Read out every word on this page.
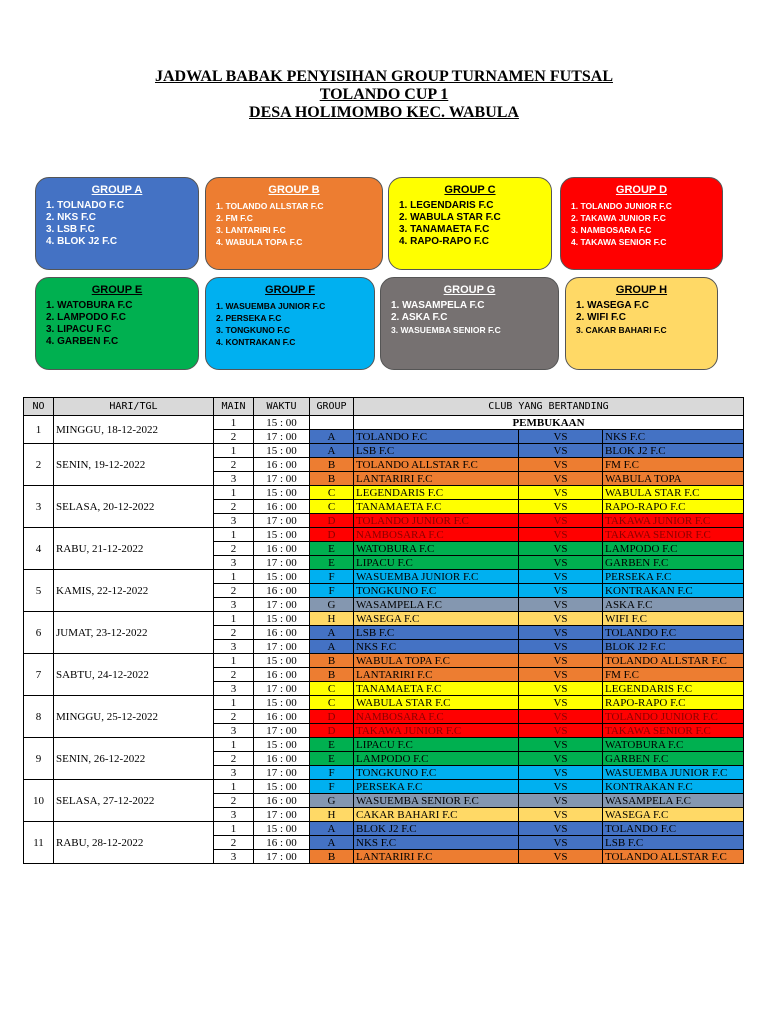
JADWAL BABAK PENYISIHAN GROUP TURNAMEN FUTSAL
TOLANDO CUP 1
DESA HOLIMOMBO KEC. WABULA
GROUP A
1. TOLNADO F.C
2. NKS F.C
3. LSB F.C
4. BLOK J2 F.C
GROUP B
1. TOLANDO ALLSTAR F.C
2. FM F.C
3. LANTARIRI F.C
4. WABULA TOPA F.C
GROUP C
1. LEGENDARIS F.C
2. WABULA STAR F.C
3. TANAMAETA F.C
4. RAPO-RAPO F.C
GROUP D
1. TOLANDO JUNIOR F.C
2. TAKAWA JUNIOR F.C
3. NAMBOSARA F.C
4. TAKAWA SENIOR F.C
GROUP E
1. WATOBURA F.C
2. LAMPODO F.C
3. LIPACU F.C
4. GARBEN F.C
GROUP F
1. WASUEMBA JUNIOR F.C
2. PERSEKA F.C
3. TONGKUNO F.C
4. KONTRAKAN F.C
GROUP G
1. WASAMPELA F.C
2. ASKA F.C
3. WASUEMBA SENIOR F.C
GROUP H
1. WASEGA F.C
2. WIFI F.C
3. CAKAR BAHARI F.C
NO	HARI/TGL	MAIN	WAKTU	GROUP	CLUB YANG BERTANDING		
1	MINGGU, 18-12-2022	1	15 : 00		PEMBUKAAN		
		2	17 : 00	A	TOLANDO F.C	VS	NKS F.C
2	SENIN, 19-12-2022	1	15 : 00	A	LSB F.C	VS	BLOK J2 F.C
		2	16 : 00	B	TOLANDO ALLSTAR F.C	VS	FM F.C
		3	17 : 00	B	LANTARIRI F.C	VS	WABULA TOPA
3	SELASA, 20-12-2022	1	15 : 00	C	LEGENDARIS F.C	VS	WABULA STAR F.C
		2	16 : 00	C	TANAMAETA F.C	VS	RAPO-RAPO F.C
		3	17 : 00	D	TOLANDO JUNIOR F.C	VS	TAKAWA JUNIOR F.C
4	RABU, 21-12-2022	1	15 : 00	D	NAMBOSARA F.C	VS	TAKAWA SENIOR F.C
		2	16 : 00	E	WATOBURA F.C	VS	LAMPODO F.C
		3	17 : 00	E	LIPACU F.C	VS	GARBEN F.C
5	KAMIS, 22-12-2022	1	15 : 00	F	WASUEMBA JUNIOR F.C	VS	PERSEKA F.C
		2	16 : 00	F	TONGKUNO F.C	VS	KONTRAKAN F.C
		3	17 : 00	G	WASAMPELA F.C	VS	ASKA F.C
6	JUMAT, 23-12-2022	1	15 : 00	H	WASEGA F.C	VS	WIFI F.C
		2	16 : 00	A	LSB F.C	VS	TOLANDO F.C
		3	17 : 00	A	NKS F.C	VS	BLOK J2 F.C
7	SABTU, 24-12-2022	1	15 : 00	B	WABULA TOPA F.C	VS	TOLANDO ALLSTAR F.C
		2	16 : 00	B	LANTARIRI F.C	VS	FM F.C
		3	17 : 00	C	TANAMAETA F.C	VS	LEGENDARIS F.C
8	MINGGU, 25-12-2022	1	15 : 00	C	WABULA STAR F.C	VS	RAPO-RAPO F.C
		2	16 : 00	D	NAMBOSARA F.C	VS	TOLANDO JUNIOR F.C
		3	17 : 00	D	TAKAWA JUNIOR F.C	VS	TAKAWA SENIOR F.C
9	SENIN, 26-12-2022	1	15 : 00	E	LIPACU F.C	VS	WATOBURA F.C
		2	16 : 00	E	LAMPODO F.C	VS	GARBEN F.C
		3	17 : 00	F	TONGKUNO F.C	VS	WASUEMBA JUNIOR F.C
10	SELASA, 27-12-2022	1	15 : 00	F	PERSEKA F.C	VS	KONTRAKAN F.C
		2	16 : 00	G	WASUEMBA SENIOR F.C	VS	WASAMPELA F.C
		3	17 : 00	H	CAKAR BAHARI F.C	VS	WASEGA F.C
11	RABU, 28-12-2022	1	15 : 00	A	BLOK J2 F.C	VS	TOLANDO F.C
		2	16 : 00	A	NKS F.C	VS	LSB F.C
		3	17 : 00	B	LANTARIRI F.C	VS	TOLANDO ALLSTAR F.C
